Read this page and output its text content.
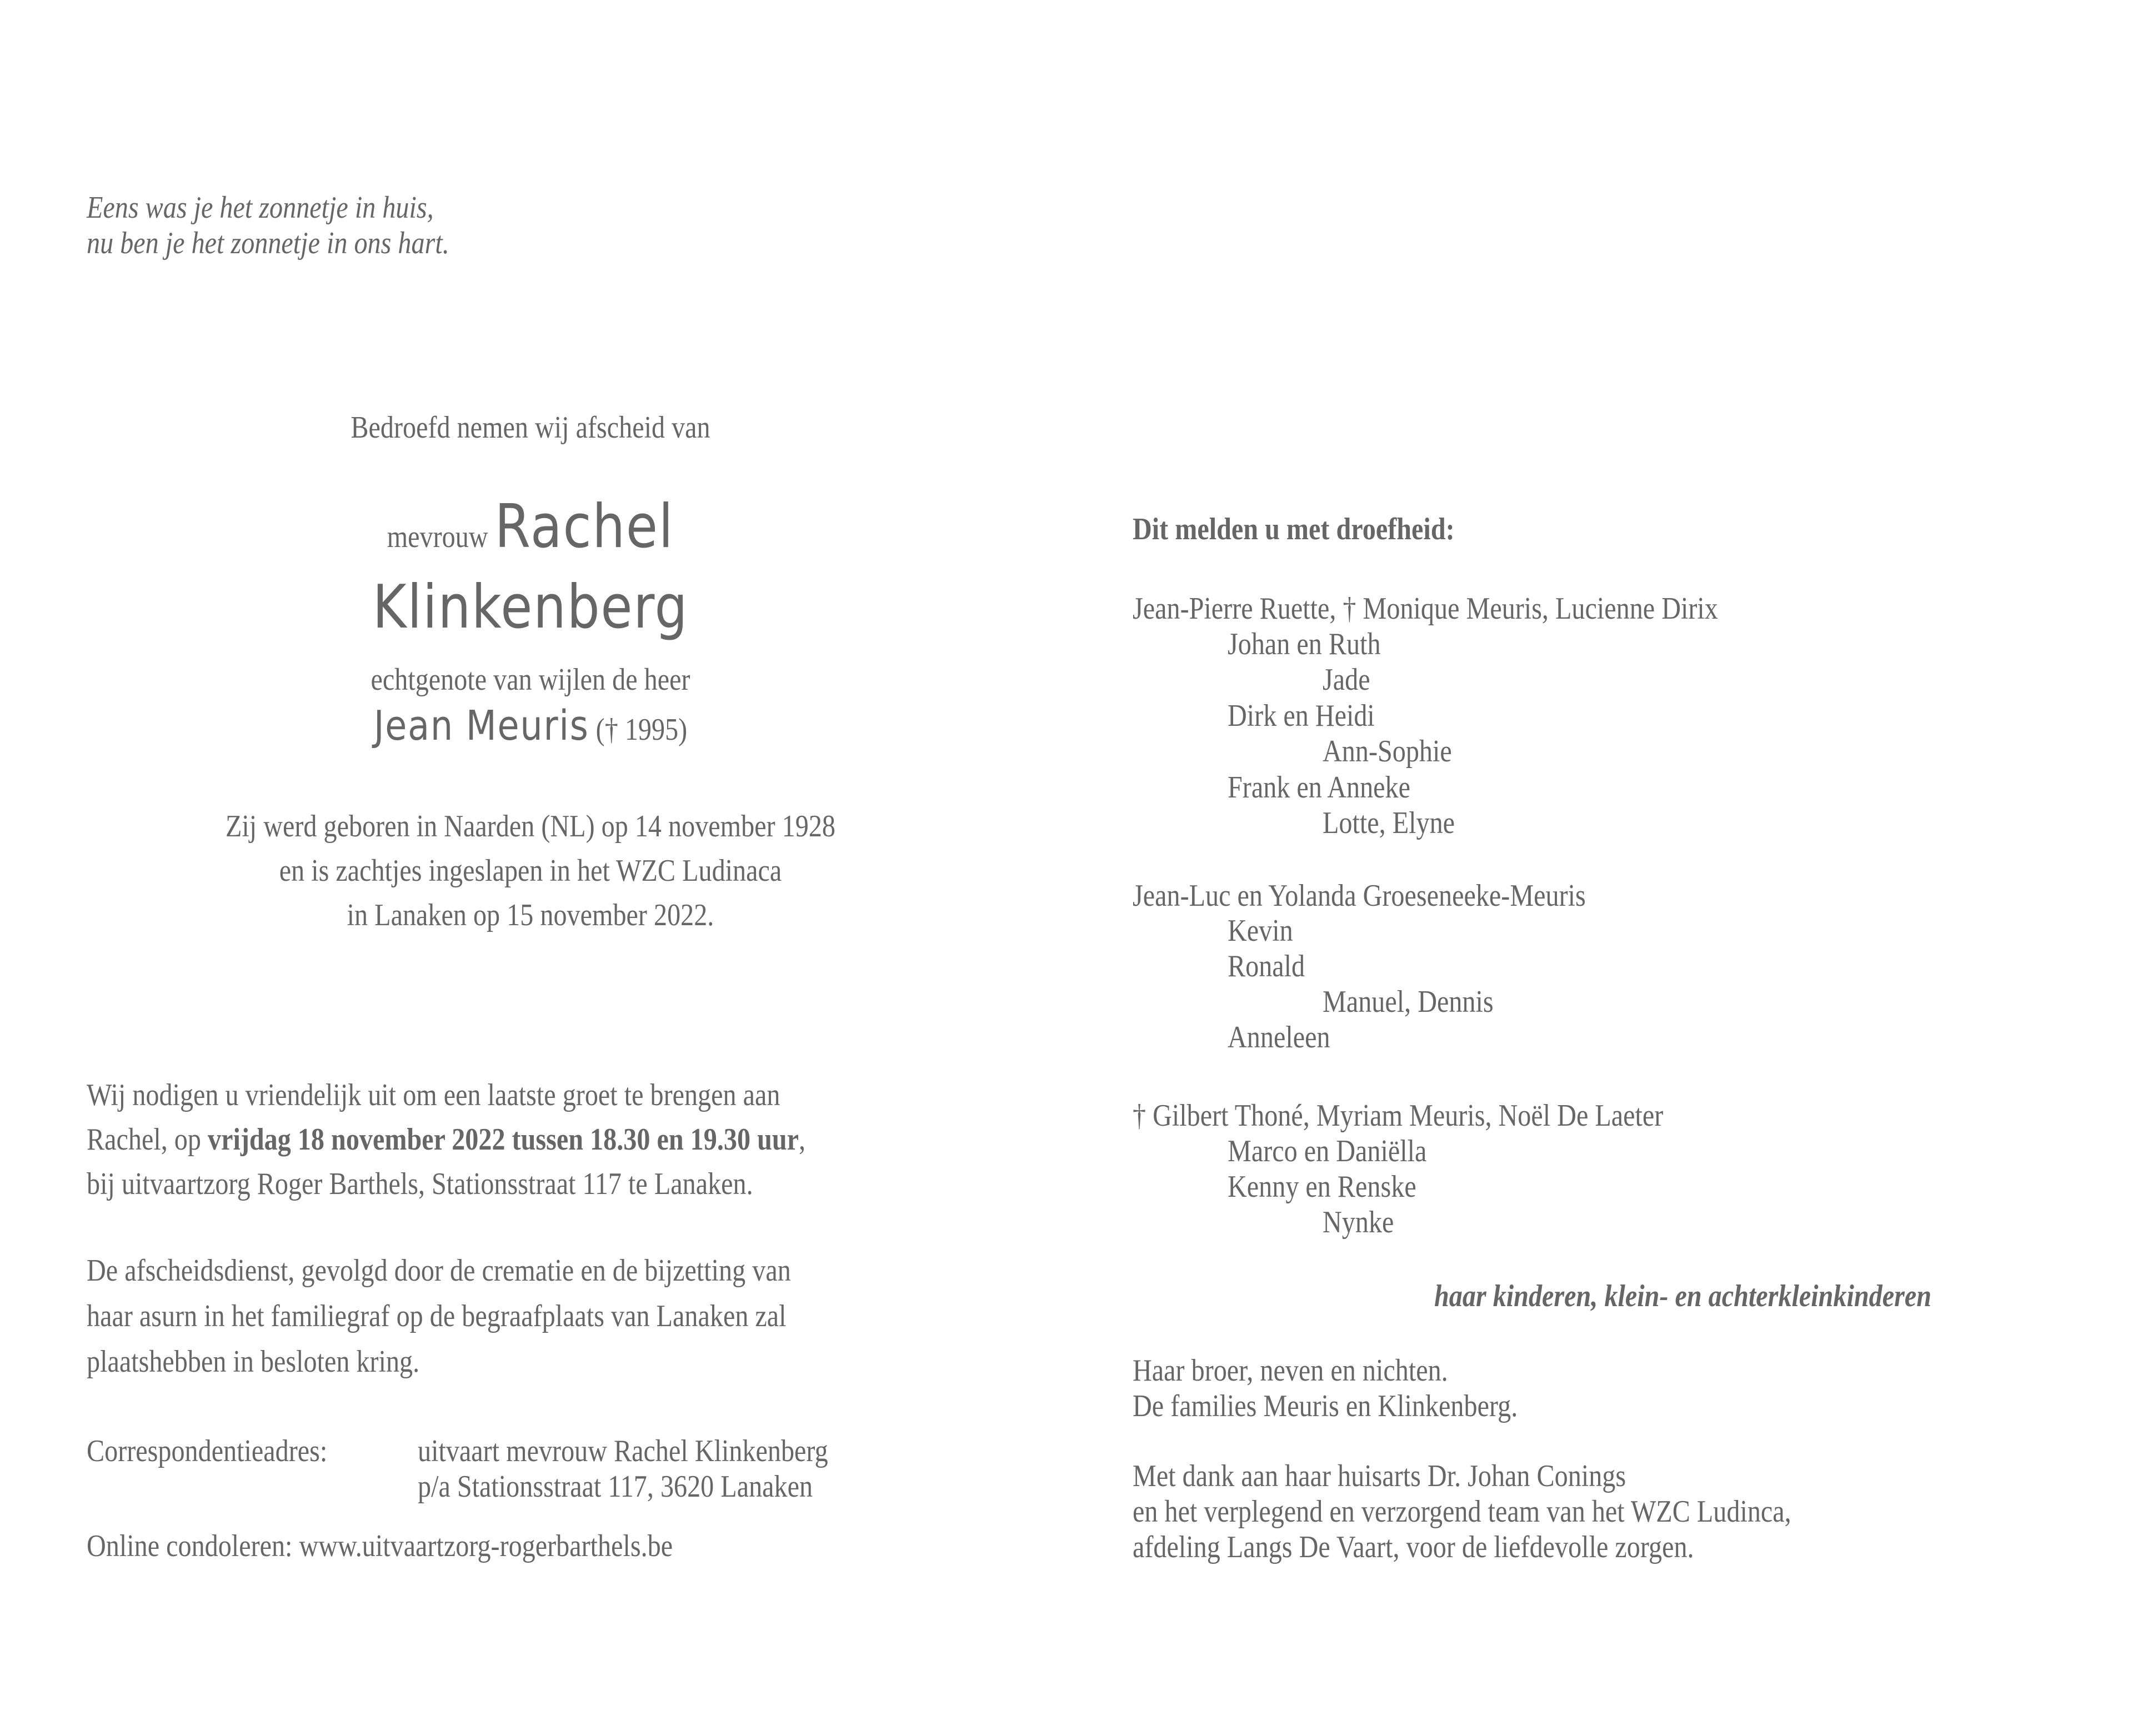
Eens was je het zonnetje in huis,
nu ben je het zonnetje in ons hart.
Bedroefd nemen wij afscheid van
mevrouw Rachel
Klinkenberg
echtgenote van wijlen de heer
Jean Meuris († 1995)
Zij werd geboren in Naarden (NL) op 14 november 1928
en is zachtjes ingeslapen in het WZC Ludinaca
in Lanaken op 15 november 2022.
Wij nodigen u vriendelijk uit om een laatste groet te brengen aan
Rachel, op vrijdag 18 november 2022 tussen 18.30 en 19.30 uur,
bij uitvaartzorg Roger Barthels, Stationsstraat 117 te Lanaken.
De afscheidsdienst, gevolgd door de crematie en de bijzetting van
haar asurn in het familiegraf op de begraafplaats van Lanaken zal
plaatshebben in besloten kring.
Correspondentieadres:	uitvaart mevrouw Rachel Klinkenberg
p/a Stationsstraat 117, 3620 Lanaken
Online condoleren: www.uitvaartzorg-rogerbarthels.be
Dit melden u met droefheid:
Jean-Pierre Ruette, † Monique Meuris, Lucienne Dirix
Johan en Ruth
Jade
Dirk en Heidi
Ann-Sophie
Frank en Anneke
Lotte, Elyne
Jean-Luc en Yolanda Groeseneeke-Meuris
Kevin
Ronald
Manuel, Dennis
Anneleen
† Gilbert Thoné, Myriam Meuris, Noël De Laeter
Marco en Daniëlla
Kenny en Renske
Nynke
haar kinderen, klein- en achterkleinkinderen
Haar broer, neven en nichten.
De families Meuris en Klinkenberg.
Met dank aan haar huisarts Dr. Johan Conings
en het verplegend en verzorgend team van het WZC Ludinca,
afdeling Langs De Vaart, voor de liefdevolle zorgen.
